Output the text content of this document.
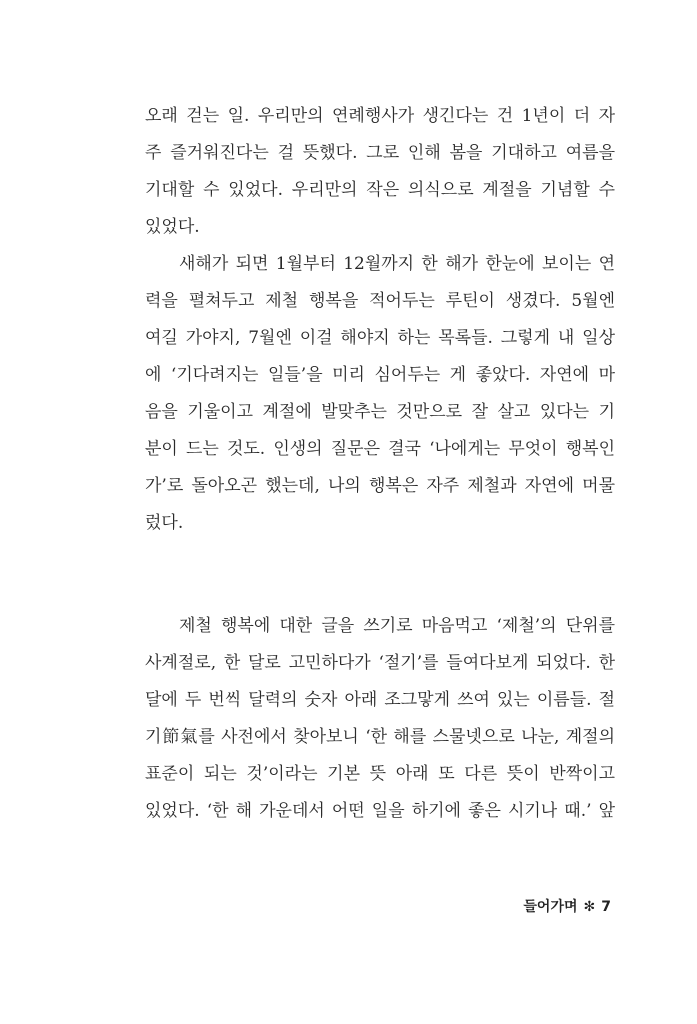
오래 걷는 일. 우리만의 연례행사가 생긴다는 건 1년이 더 자
주 즐거워진다는 걸 뜻했다. 그로 인해 봄을 기대하고 여름을
기대할 수 있었다. 우리만의 작은 의식으로 계절을 기념할 수
있었다.
새해가 되면 1월부터 12월까지 한 해가 한눈에 보이는 연
력을 펼쳐두고 제철 행복을 적어두는 루틴이 생겼다. 5월엔
여길 가야지, 7월엔 이걸 해야지 하는 목록들. 그렇게 내 일상
에 ‘기다려지는 일들’을 미리 심어두는 게 좋았다. 자연에 마
음을 기울이고 계절에 발맞추는 것만으로 잘 살고 있다는 기
분이 드는 것도. 인생의 질문은 결국 ‘나에게는 무엇이 행복인
가’로 돌아오곤 했는데, 나의 행복은 자주 제철과 자연에 머물
렀다.
제철 행복에 대한 글을 쓰기로 마음먹고 ‘제철’의 단위를
사계절로, 한 달로 고민하다가 ‘절기’를 들여다보게 되었다. 한
달에 두 번씩 달력의 숫자 아래 조그맣게 쓰여 있는 이름들. 절
기節氣를 사전에서 찾아보니 ‘한 해를 스물넷으로 나눈, 계절의
표준이 되는 것’이라는 기본 뜻 아래 또 다른 뜻이 반짝이고
있었다. ‘한 해 가운데서 어떤 일을 하기에 좋은 시기나 때.’ 앞
들어가며 ✻ 7
